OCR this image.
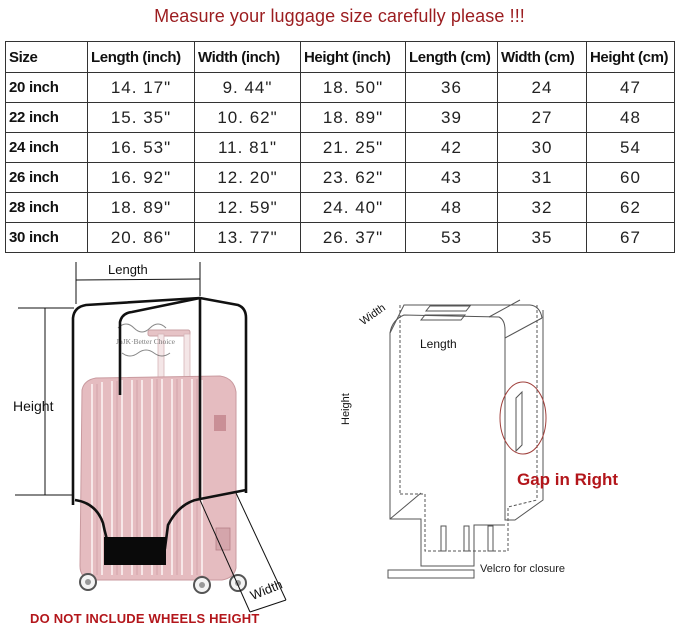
Measure your luggage size carefully please !!!
Size	Length (inch)	Width (inch)	Height (inch)	Length (cm)	Width (cm)	Height (cm)
20 inch	14. 17"	9. 44"	18. 50"	36	24	47
22 inch	15. 35"	10. 62"	18. 89"	39	27	48
24 inch	16. 53"	11. 81"	21. 25"	42	30	54
26 inch	16. 92"	12. 20"	23. 62"	43	31	60
28 inch	18. 89"	12. 59"	24. 40"	48	32	62
30 inch	20. 86"	13. 77"	26. 37"	53	35	67
JoJK·Better Choice
Length
Height
Width
DO NOT INCLUDE WHEELS HEIGHT
Width
Length
Height
Gap in Right
Velcro for closure
